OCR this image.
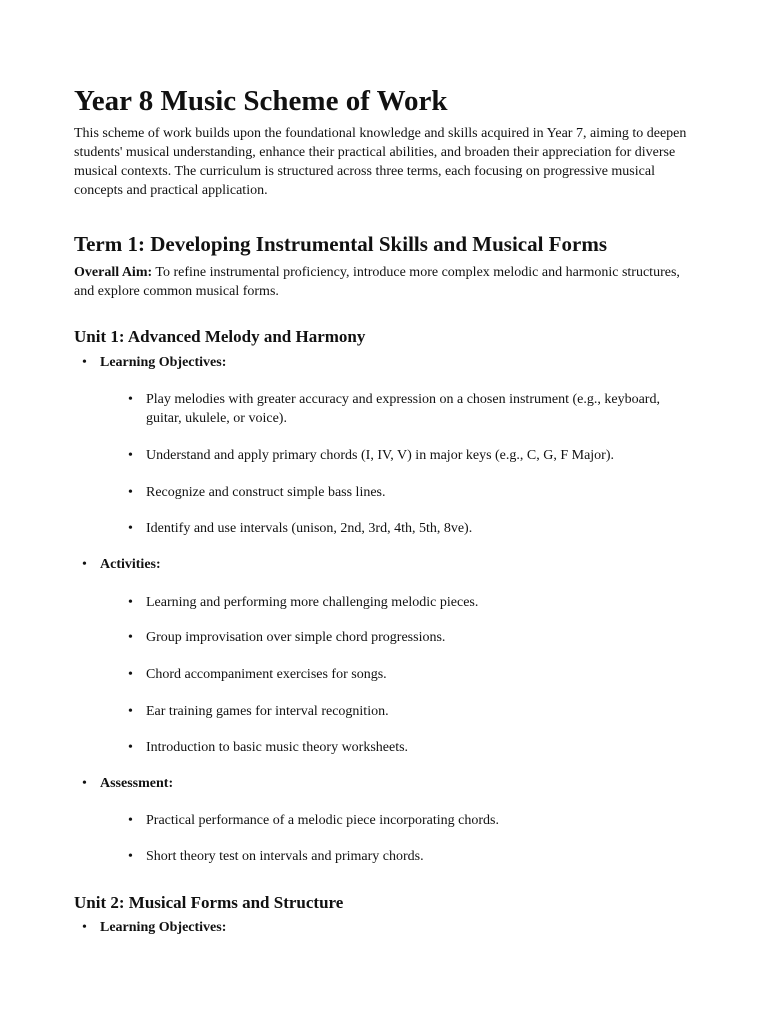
Year 8 Music Scheme of Work

This scheme of work builds upon the foundational knowledge and skills acquired in Year 7, aiming to deepen students' musical understanding, enhance their practical abilities, and broaden their appreciation for diverse musical contexts. The curriculum is structured across three terms, each focusing on progressive musical concepts and practical application.

Term 1: Developing Instrumental Skills and Musical Forms

Overall Aim: To refine instrumental proficiency, introduce more complex melodic and harmonic structures, and explore common musical forms.

Unit 1: Advanced Melody and Harmony
• Learning Objectives:
• Play melodies with greater accuracy and expression on a chosen instrument (e.g., keyboard, guitar, ukulele, or voice).
• Understand and apply primary chords (I, IV, V) in major keys (e.g., C, G, F Major).
• Recognize and construct simple bass lines.
• Identify and use intervals (unison, 2nd, 3rd, 4th, 5th, 8ve).
• Activities:
• Learning and performing more challenging melodic pieces.
• Group improvisation over simple chord progressions.
• Chord accompaniment exercises for songs.
• Ear training games for interval recognition.
• Introduction to basic music theory worksheets.
• Assessment:
• Practical performance of a melodic piece incorporating chords.
• Short theory test on intervals and primary chords.
Unit 2: Musical Forms and Structure
• Learning Objectives:
